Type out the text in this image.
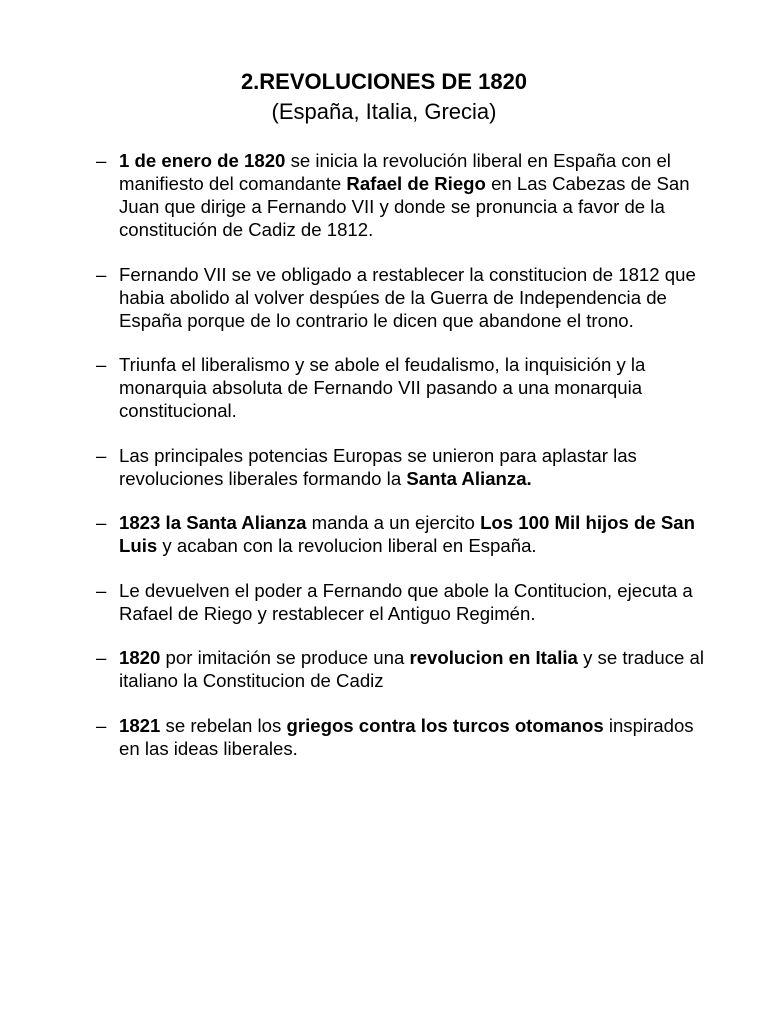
2.REVOLUCIONES DE 1820
(España, Italia, Grecia)
– 1 de enero de 1820 se inicia la revolución liberal en España con el manifiesto del comandante Rafael de Riego en Las Cabezas de San Juan que dirige a Fernando VII y donde se pronuncia a favor de la constitución de Cadiz de 1812.
– Fernando VII se ve obligado a restablecer la constitucion de 1812 que habia abolido al volver despúes de la Guerra de Independencia de España porque de lo contrario le dicen que abandone el trono.
– Triunfa el liberalismo y se abole el feudalismo, la inquisición y la monarquia absoluta de Fernando VII pasando a una monarquia constitucional.
– Las principales potencias Europas se unieron para aplastar las revoluciones liberales formando la Santa Alianza.
– 1823 la Santa Alianza manda a un ejercito Los 100 Mil hijos de San Luis y acaban con la revolucion liberal en España.
– Le devuelven el poder a Fernando que abole la Contitucion, ejecuta a Rafael de Riego y restablecer el Antiguo Regimén.
– 1820 por imitación se produce una revolucion en Italia y se traduce al italiano la Constitucion de Cadiz
– 1821 se rebelan los griegos contra los turcos otomanos inspirados en las ideas liberales.
